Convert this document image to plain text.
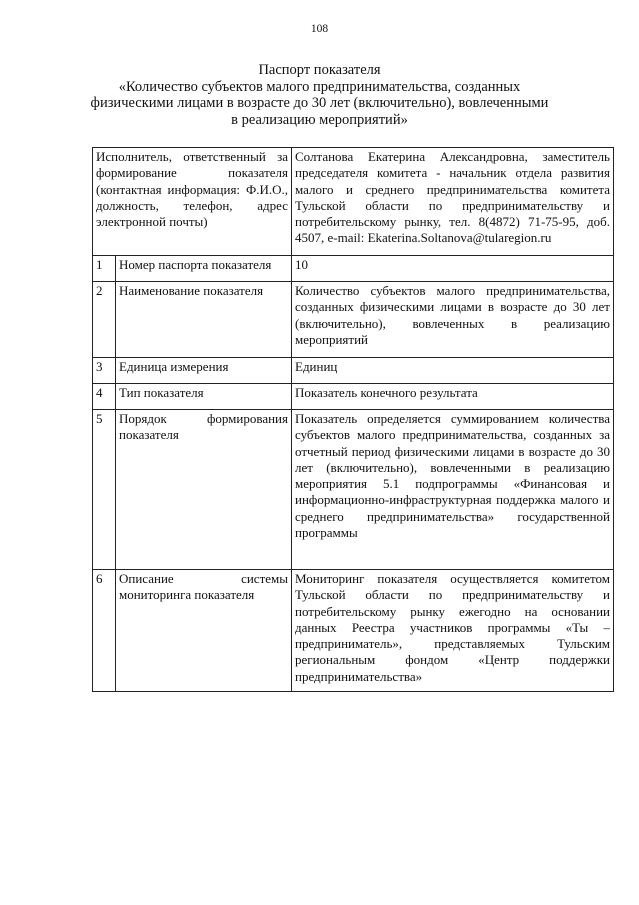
108
Паспорт показателя
«Количество субъектов малого предпринимательства, созданных
физическими лицами в возрасте до 30 лет (включительно), вовлеченными
в реализацию мероприятий»
Исполнитель, ответственный за формирование показателя (контактная информация: Ф.И.О., должность, телефон, адрес электронной почты)		Солтанова Екатерина Александровна, заместитель председателя комитета - начальник отдела развития малого и среднего предпринимательства комитета Тульской области по предпринимательству и потребительскому рынку, тел. 8(4872) 71-75-95, доб. 4507, e-mail: Ekaterina.Soltanova@tularegion.ru
1	Номер паспорта показателя	10
2	Наименование показателя	Количество субъектов малого предпринимательства, созданных физическими лицами в возрасте до 30 лет (включительно), вовлеченных в реализацию мероприятий
3	Единица измерения	Единиц
4	Тип показателя	Показатель конечного результата
5	Порядок формирования показателя	Показатель определяется суммированием количества субъектов малого предпринимательства, созданных за отчетный период физическими лицами в возрасте до 30 лет (включительно), вовлеченными в реализацию мероприятия 5.1 подпрограммы «Финансовая и информационно-инфраструктурная поддержка малого и среднего предпринимательства» государственной программы
6	Описание системы мониторинга показателя	Мониторинг показателя осуществляется комитетом Тульской области по предпринимательству и потребительскому рынку ежегодно на основании данных Реестра участников программы «Ты – предприниматель», представляемых Тульским региональным фондом «Центр поддержки предпринимательства»
